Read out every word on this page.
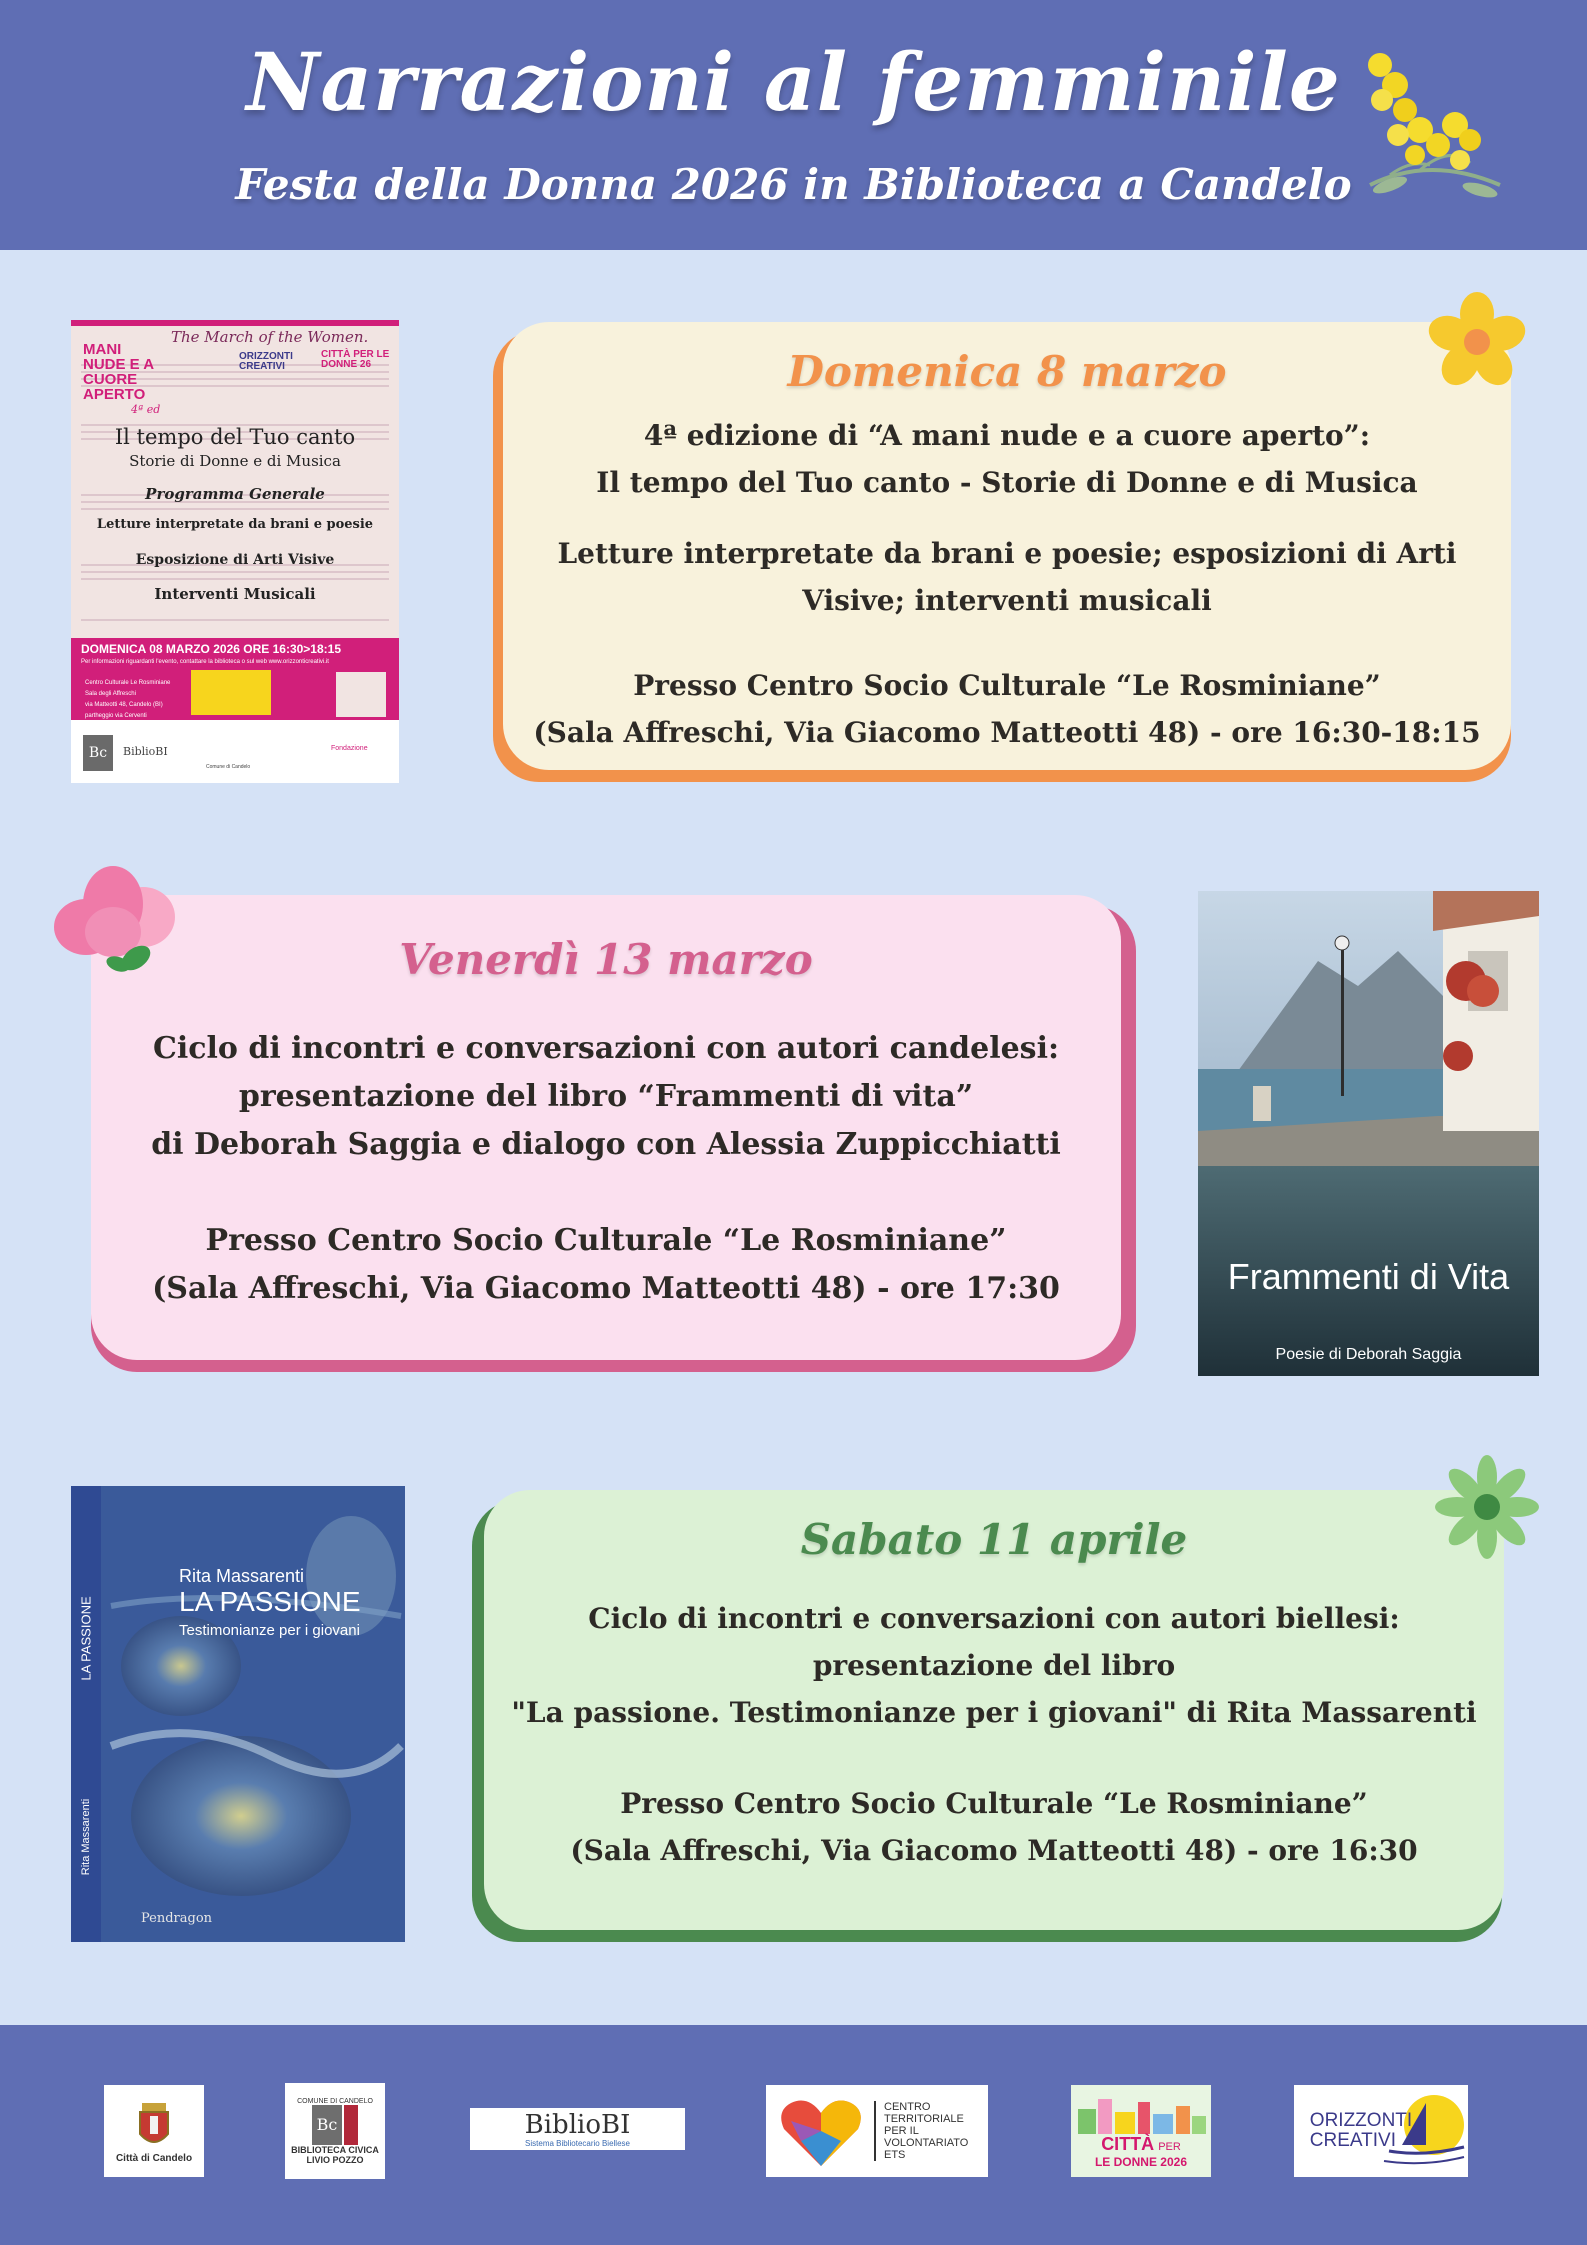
Narrazioni al femminile
Festa della Donna 2026 in Biblioteca a Candelo
Domenica 8 marzo
4ª edizione di “A mani nude e a cuore aperto”:
Il tempo del Tuo canto - Storie di Donne e di Musica
Letture interpretate da brani e poesie; esposizioni di Arti
Visive; interventi musicali
Presso Centro Socio Culturale “Le Rosminiane”
(Sala Affreschi, Via Giacomo Matteotti 48) - ore 16:30-18:15
The March of the Women.
MANI NUDE E A CUORE APERTO
4ª ed
ORIZZONTI CREATIVI
CITTÀ PER LE DONNE 26
Il tempo del Tuo canto
Storie di Donne e di Musica
Programma Generale
Letture interpretate da brani e poesie
Esposizione di Arti Visive
Interventi Musicali
DOMENICA 08 MARZO 2026 ORE 16:30>18:15
Per informazioni riguardanti l'evento, contattare la biblioteca o sul web www.orizzonticreativi.it
Centro Culturale Le Rosminiane
Sala degli Affreschi
via Matteotti 48, Candelo (BI)
partheggio via Cerventi
Bc	BiblioBI
Comune di Candelo
Fondazione
Venerdì 13 marzo
Ciclo di incontri e conversazioni con autori candelesi:
presentazione del libro “Frammenti di vita”
di Deborah Saggia e dialogo con Alessia Zuppicchiatti
Presso Centro Socio Culturale “Le Rosminiane”
(Sala Affreschi, Via Giacomo Matteotti 48) - ore 17:30	Frammenti di Vita
Poesie di Deborah Saggia
Sabato 11 aprile
Ciclo di incontri e conversazioni con autori biellesi:
presentazione del libro
"La passione. Testimonianze per i giovani" di Rita Massarenti
Presso Centro Socio Culturale “Le Rosminiane”
(Sala Affreschi, Via Giacomo Matteotti 48) - ore 16:30
Rita Massarenti
LA PASSIONE
Testimonianze per i giovani
LA PASSIONE
Rita Massarenti
Pendragon
Città di Candelo
COMUNE DI CANDELO
Bc
BIBLIOTECA CIVICA
LIVIO POZZO
BiblioBI
Sistema Bibliotecario Biellese
CENTRO
TERRITORIALE
PER IL
VOLONTARIATO
ETS
CITTÀ PER
LE DONNE 2026
ORIZZONTI
CREATIVI
